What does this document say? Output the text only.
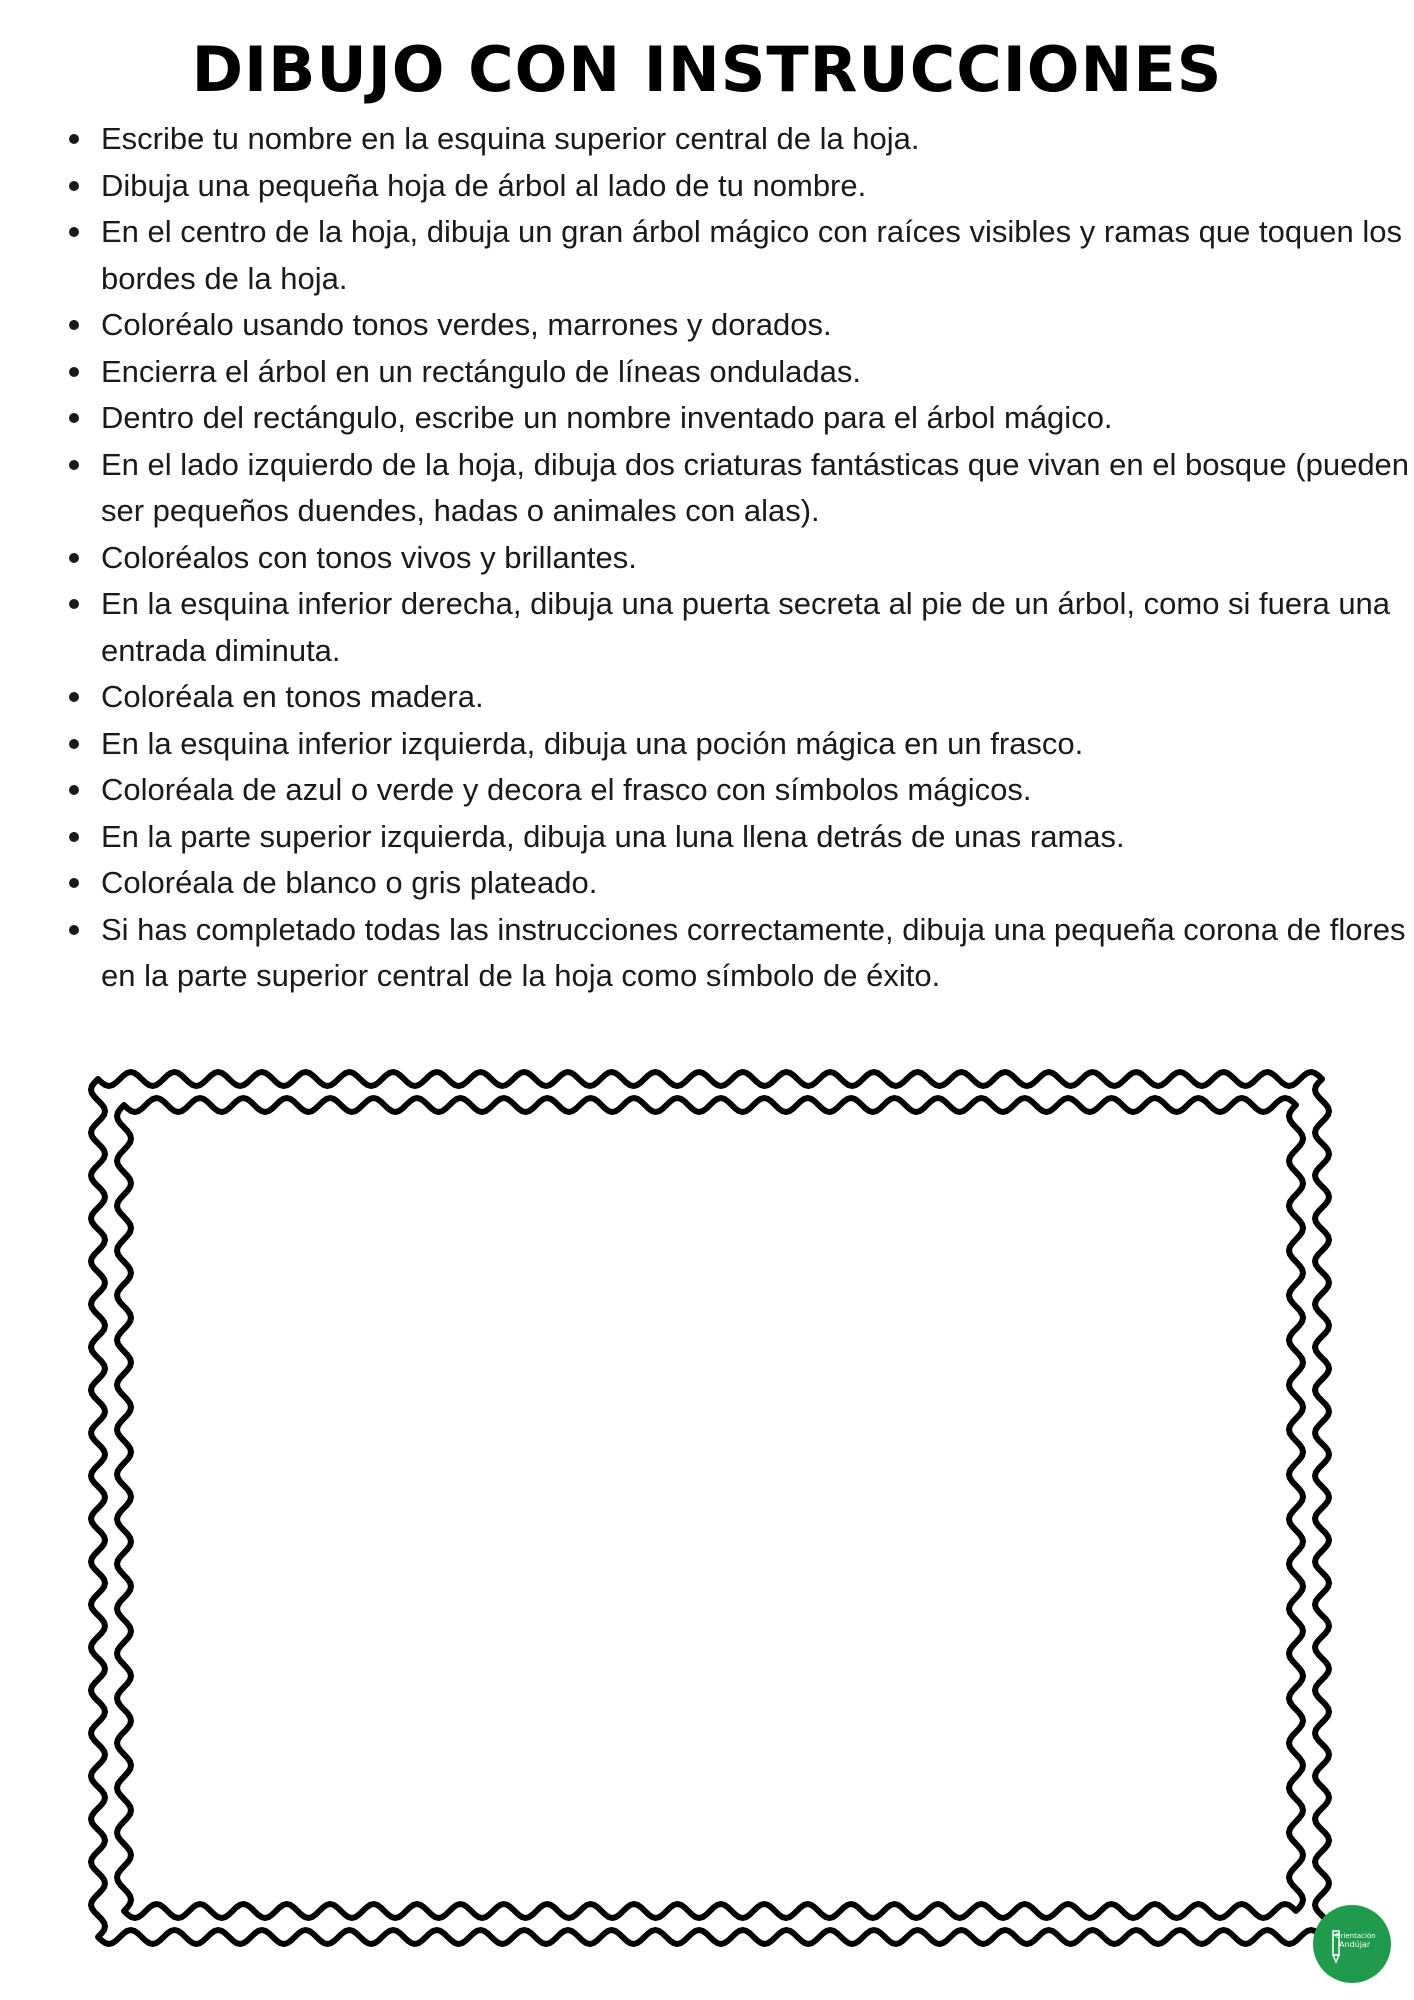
DIBUJO CON INSTRUCCIONES
Escribe tu nombre en la esquina superior central de la hoja.
Dibuja una pequeña hoja de árbol al lado de tu nombre.
En el centro de la hoja, dibuja un gran árbol mágico con raíces visibles y ramas que toquen los bordes de la hoja.
Coloréalo usando tonos verdes, marrones y dorados.
Encierra el árbol en un rectángulo de líneas onduladas.
Dentro del rectángulo, escribe un nombre inventado para el árbol mágico.
En el lado izquierdo de la hoja, dibuja dos criaturas fantásticas que vivan en el bosque (pueden ser pequeños duendes, hadas o animales con alas).
Coloréalos con tonos vivos y brillantes.
En la esquina inferior derecha, dibuja una puerta secreta al pie de un árbol, como si fuera una entrada diminuta.
Coloréala en tonos madera.
En la esquina inferior izquierda, dibuja una poción mágica en un frasco.
Coloréala de azul o verde y decora el frasco con símbolos mágicos.
En la parte superior izquierda, dibuja una luna llena detrás de unas ramas.
Coloréala de blanco o gris plateado.
Si has completado todas las instrucciones correctamente, dibuja una pequeña corona de flores en la parte superior central de la hoja como símbolo de éxito.
Orientación
Andújar
